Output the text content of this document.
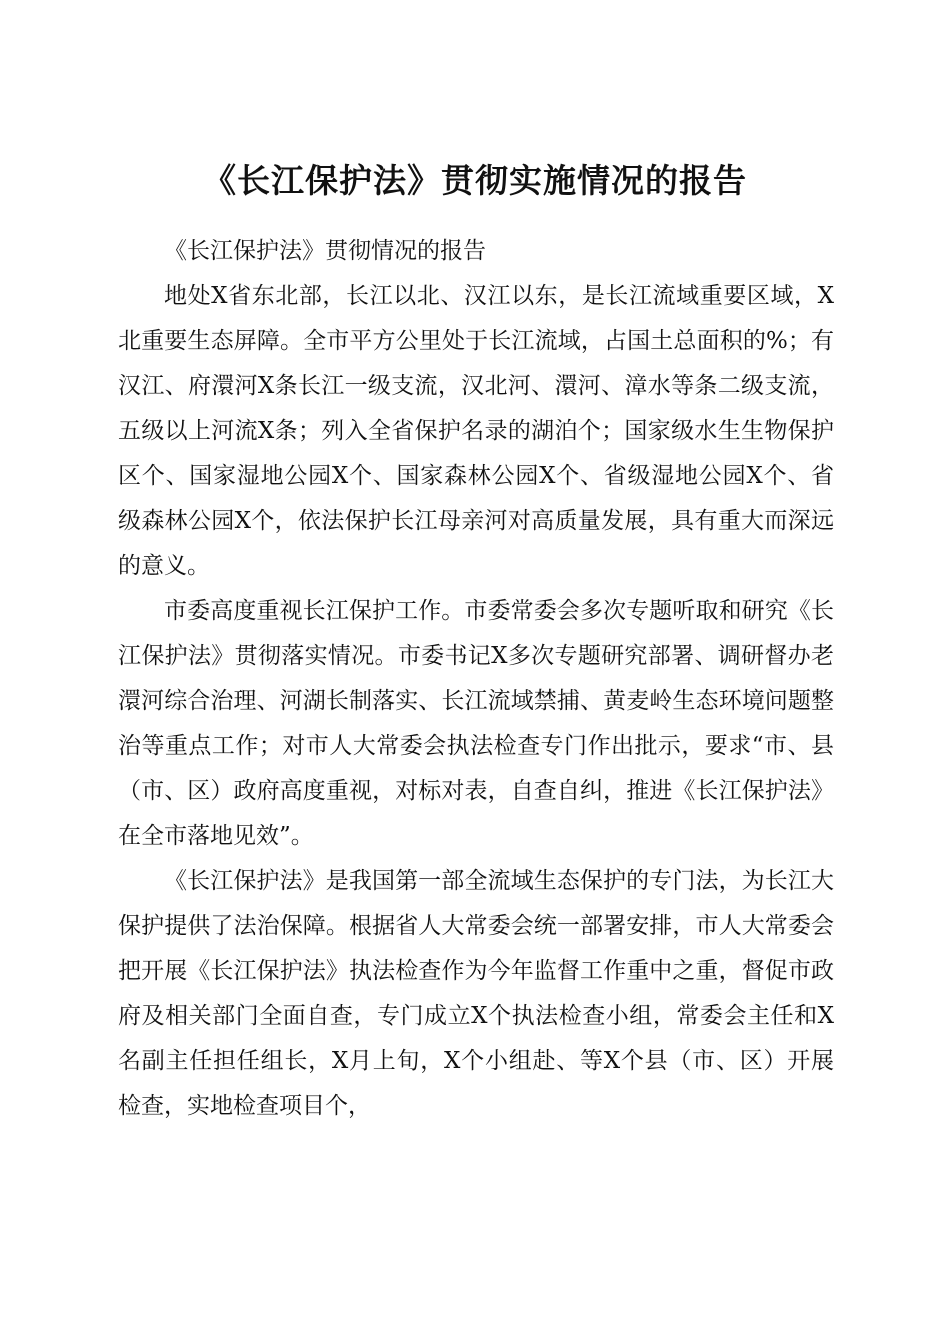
《长江保护法》贯彻实施情况的报告

《长江保护法》贯彻情况的报告

地处X省东北部，长江以北、汉江以东，是长江流域重要区域，X北重要生态屏障。全市平方公里处于长江流域，占国土总面积的%；有汉江、府澴河X条长江一级支流，汉北河、澴河、漳水等条二级支流，五级以上河流X条；列入全省保护名录的湖泊个；国家级水生生物保护区个、国家湿地公园X个、国家森林公园X个、省级湿地公园X个、省级森林公园X个，依法保护长江母亲河对高质量发展，具有重大而深远的意义。

市委高度重视长江保护工作。市委常委会多次专题听取和研究《长江保护法》贯彻落实情况。市委书记X多次专题研究部署、调研督办老澴河综合治理、河湖长制落实、长江流域禁捕、黄麦岭生态环境问题整治等重点工作；对市人大常委会执法检查专门作出批示，要求“市、县（市、区）政府高度重视，对标对表，自查自纠，推进《长江保护法》在全市落地见效”。

《长江保护法》是我国第一部全流域生态保护的专门法，为长江大保护提供了法治保障。根据省人大常委会统一部署安排，市人大常委会把开展《长江保护法》执法检查作为今年监督工作重中之重，督促市政府及相关部门全面自查，专门成立X个执法检查小组，常委会主任和X名副主任担任组长，X月上旬，X个小组赴、等X个县（市、区）开展检查，实地检查项目个，
